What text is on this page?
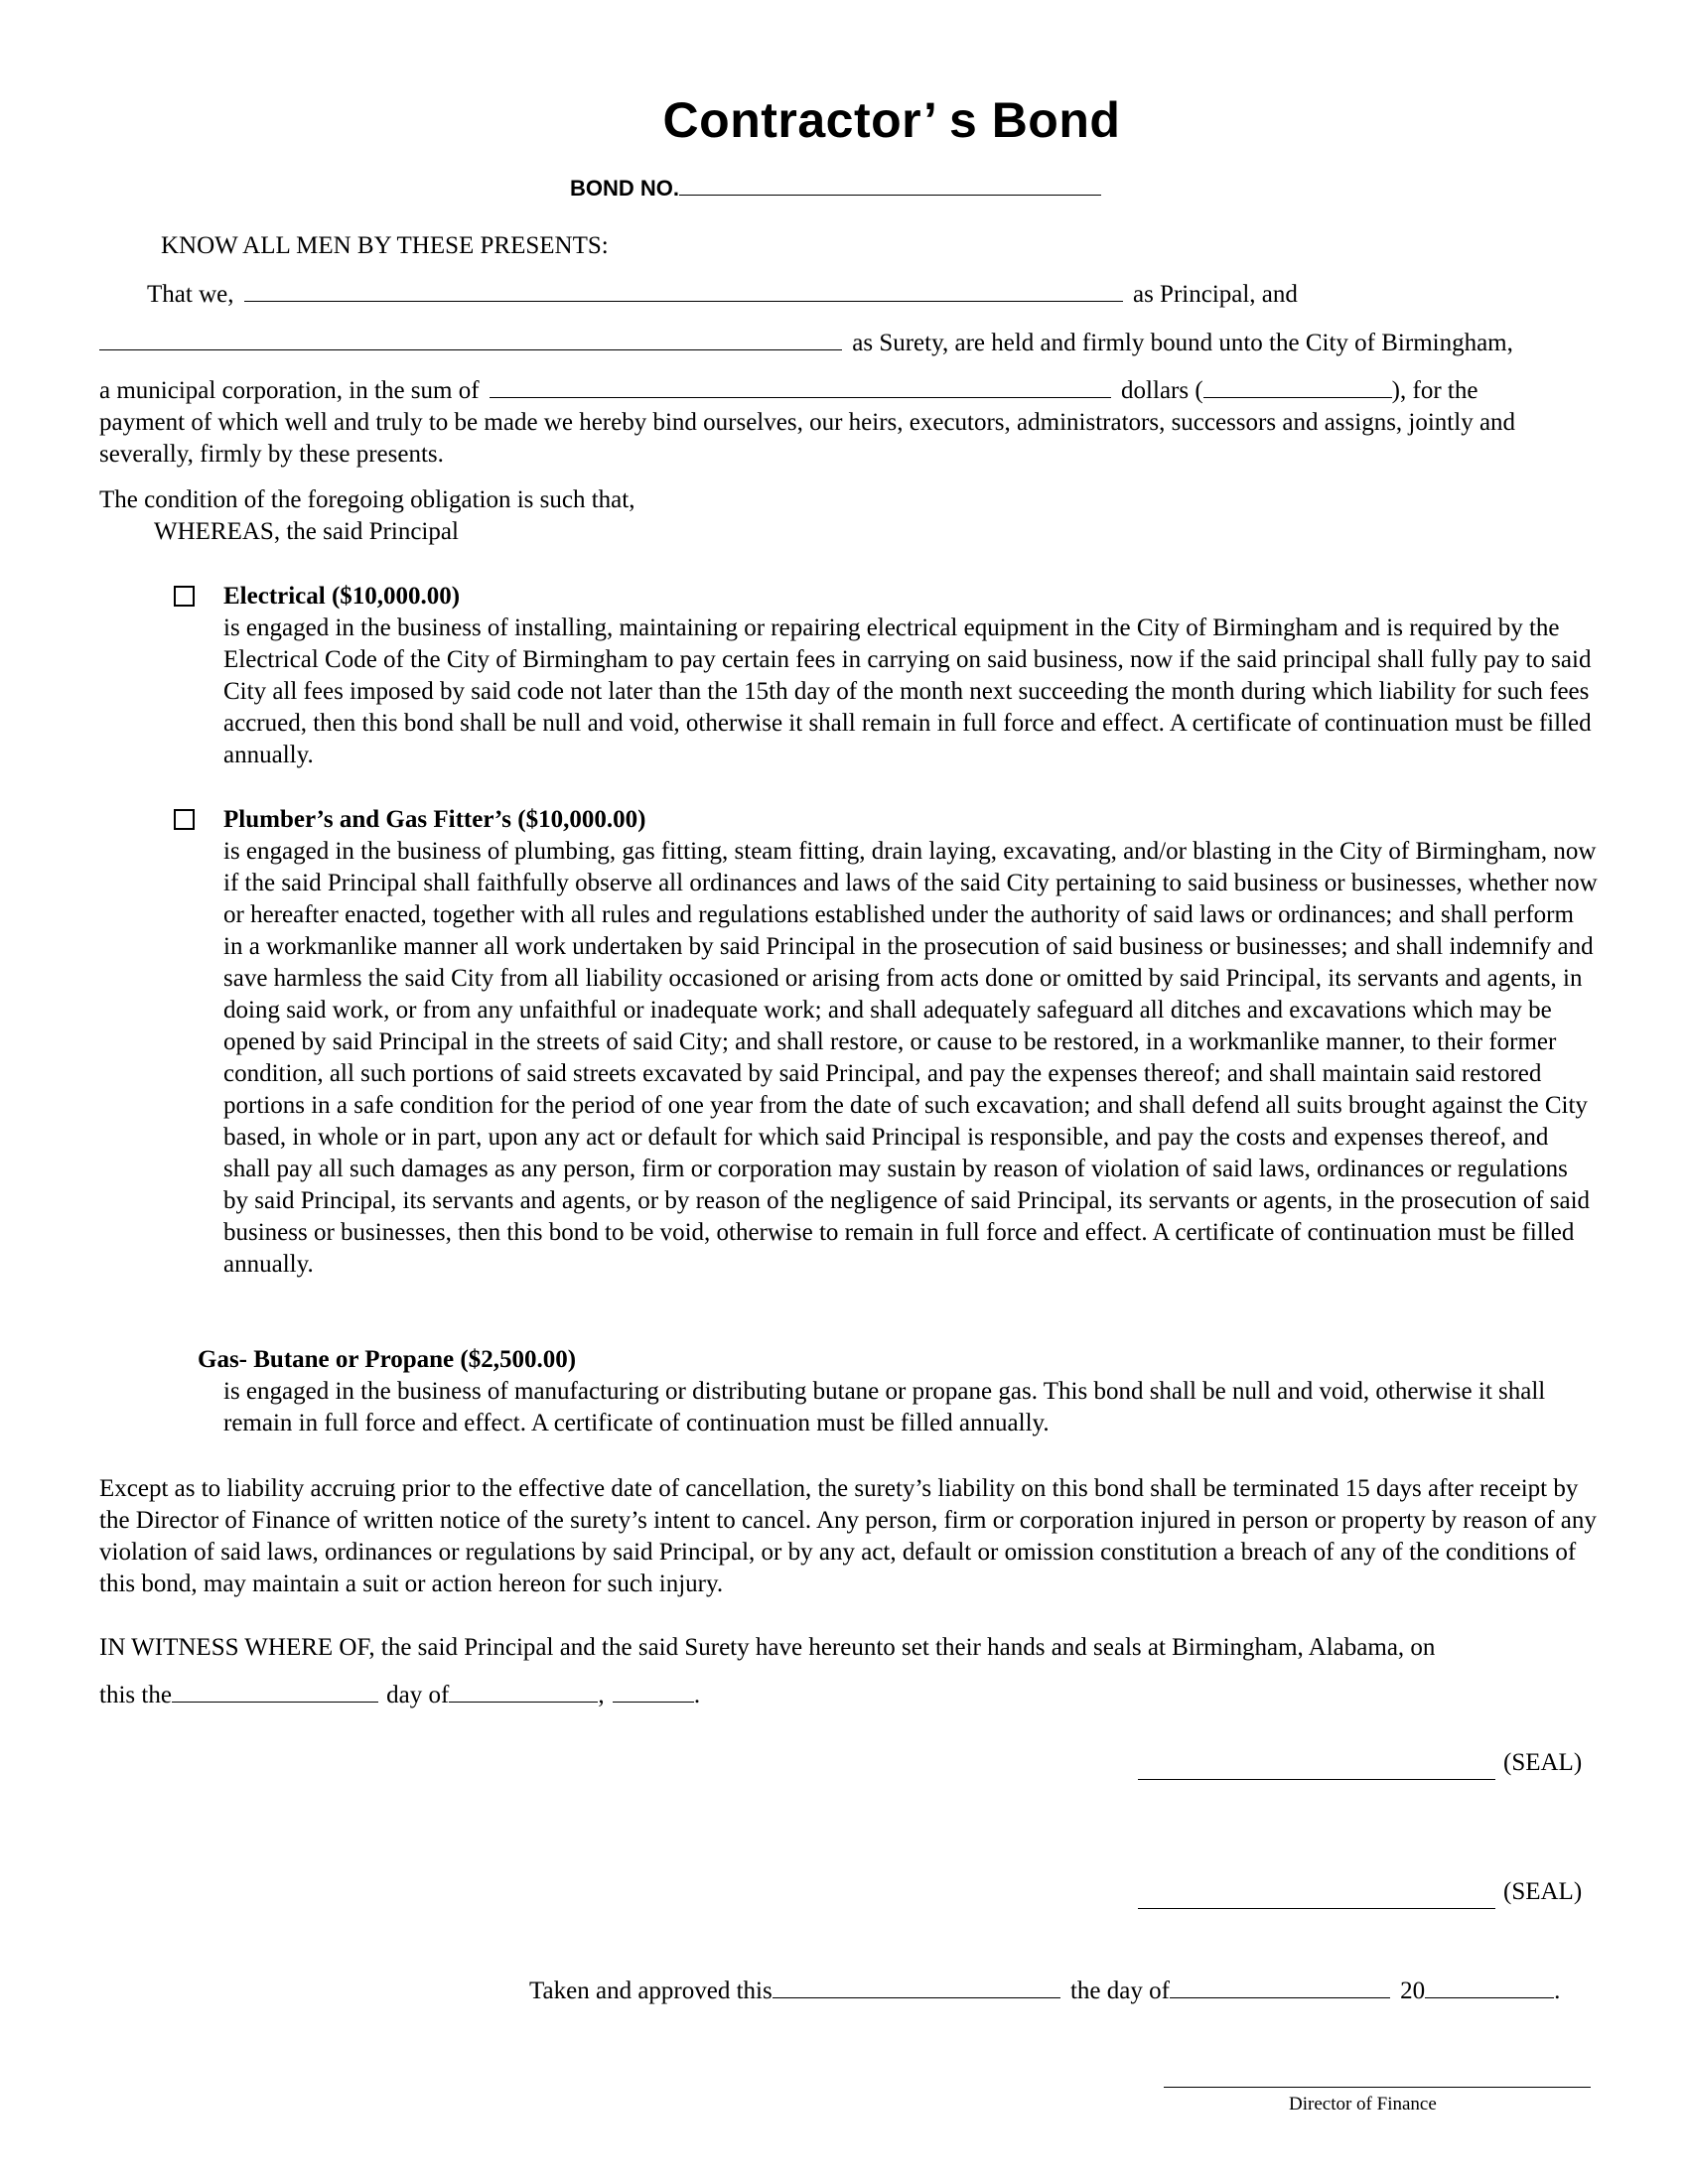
Contractor’ s Bond
BOND NO.
KNOW ALL MEN BY THESE PRESENTS:
That we,	as Principal, and
as Surety, are held and firmly bound unto the City of Birmingham,
a municipal corporation, in the sum of	dollars (	), for the
payment of which well and truly to be made we hereby bind ourselves, our heirs, executors, administrators, successors and assigns, jointly and severally, firmly by these presents.
The condition of the foregoing obligation is such that,
WHEREAS, the said Principal
Electrical ($10,000.00)
is engaged in the business of installing, maintaining or repairing electrical equipment in the City of Birmingham and is required by the Electrical Code of the City of Birmingham to pay certain fees in carrying on said business, now if the said principal shall fully pay to said City all fees imposed by said code not later than the 15th day of the month next succeeding the month during which liability for such fees accrued, then this bond shall be null and void, otherwise it shall remain in full force and effect. A certificate of continuation must be filled annually.
Plumber’s and Gas Fitter’s ($10,000.00)
is engaged in the business of plumbing, gas fitting, steam fitting, drain laying, excavating, and/or blasting in the City of Birmingham, now if the said Principal shall faithfully observe all ordinances and laws of the said City pertaining to said business or businesses, whether now or hereafter enacted, together with all rules and regulations established under the authority of said laws or ordinances; and shall perform in a workmanlike manner all work undertaken by said Principal in the prosecution of said business or businesses; and shall indemnify and save harmless the said City from all liability occasioned or arising from acts done or omitted by said Principal, its servants and agents, in doing said work, or from any unfaithful or inadequate work; and shall adequately safeguard all ditches and excavations which may be opened by said Principal in the streets of said City; and shall restore, or cause to be restored, in a workmanlike manner, to their former condition, all such portions of said streets excavated by said Principal, and pay the expenses thereof; and shall maintain said restored portions in a safe condition for the period of one year from the date of such excavation; and shall defend all suits brought against the City based, in whole or in part, upon any act or default for which said Principal is responsible, and pay the costs and expenses thereof, and shall pay all such damages as any person, firm or corporation may sustain by reason of violation of said laws, ordinances or regulations by said Principal, its servants and agents, or by reason of the negligence of said Principal, its servants or agents, in the prosecution of said business or businesses, then this bond to be void, otherwise to remain in full force and effect. A certificate of continuation must be filled annually.
Gas- Butane or Propane ($2,500.00)
is engaged in the business of manufacturing or distributing butane or propane gas. This bond shall be null and void, otherwise it shall remain in full force and effect. A certificate of continuation must be filled annually.
Except as to liability accruing prior to the effective date of cancellation, the surety’s liability on this bond shall be terminated 15 days after receipt by the Director of Finance of written notice of the surety’s intent to cancel. Any person, firm or corporation injured in person or property by reason of any violation of said laws, ordinances or regulations by said Principal, or by any act, default or omission constitution a breach of any of the conditions of this bond, may maintain a suit or action hereon for such injury.
IN WITNESS WHERE OF, the said Principal and the said Surety have hereunto set their hands and seals at Birmingham, Alabama, on
this the	day of	,	.
(SEAL)
(SEAL)
Taken and approved this	the day of	20	.
Director of Finance
